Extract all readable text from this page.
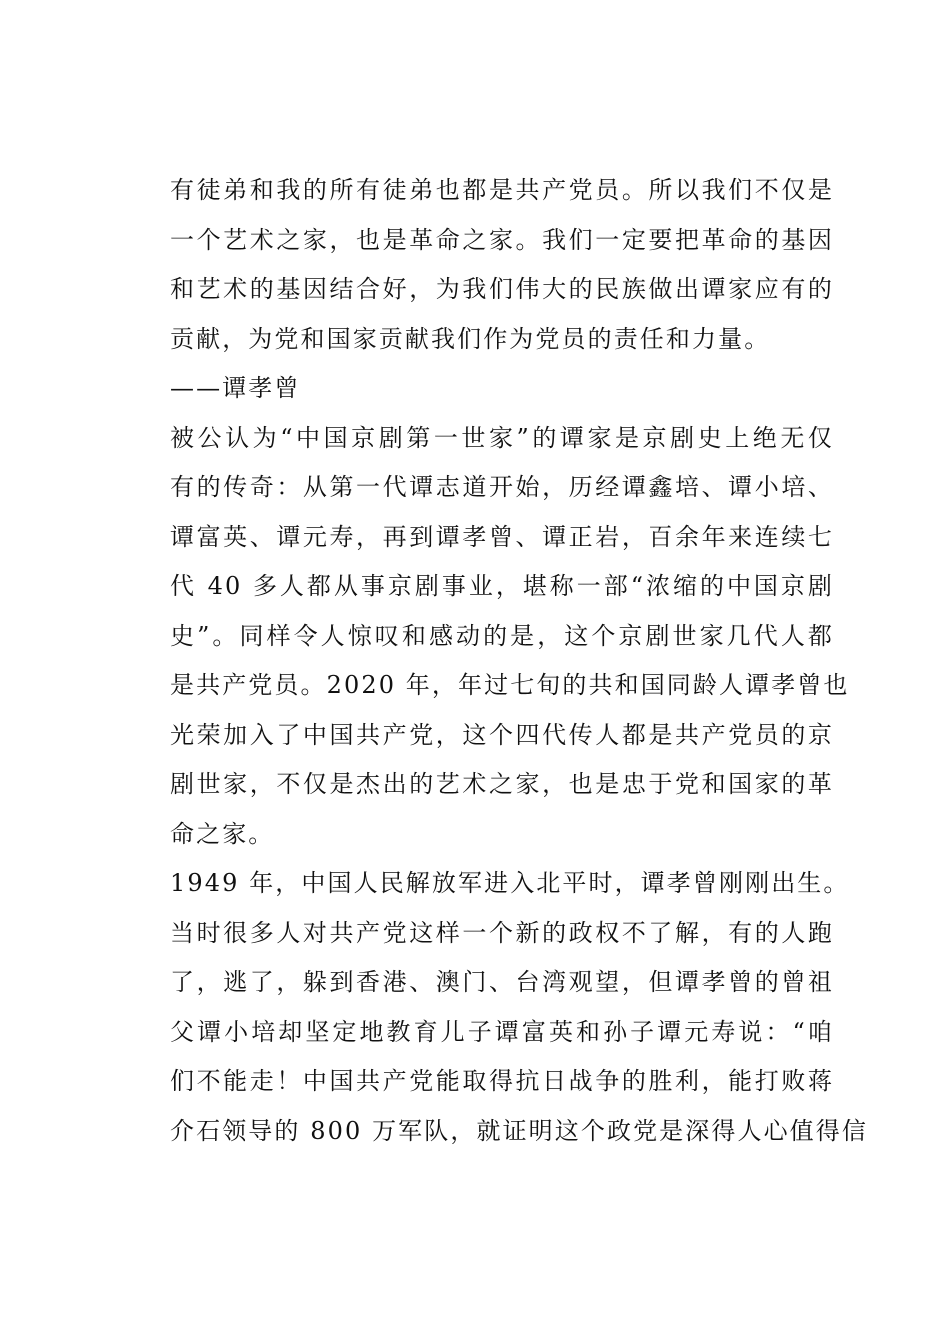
有徒弟和我的所有徒弟也都是共产党员。所以我们不仅是
一个艺术之家，也是革命之家。我们一定要把革命的基因
和艺术的基因结合好，为我们伟大的民族做出谭家应有的
贡献，为党和国家贡献我们作为党员的责任和力量。
——谭孝曾
被公认为“中国京剧第一世家”的谭家是京剧史上绝无仅
有的传奇：从第一代谭志道开始，历经谭鑫培、谭小培、
谭富英、谭元寿，再到谭孝曾、谭正岩，百余年来连续七
代 40 多人都从事京剧事业，堪称一部“浓缩的中国京剧
史”。同样令人惊叹和感动的是，这个京剧世家几代人都
是共产党员。2020 年，年过七旬的共和国同龄人谭孝曾也
光荣加入了中国共产党，这个四代传人都是共产党员的京
剧世家，不仅是杰出的艺术之家，也是忠于党和国家的革
命之家。
1949 年，中国人民解放军进入北平时，谭孝曾刚刚出生。
当时很多人对共产党这样一个新的政权不了解，有的人跑
了，逃了，躲到香港、澳门、台湾观望，但谭孝曾的曾祖
父谭小培却坚定地教育儿子谭富英和孙子谭元寿说：“咱
们不能走！中国共产党能取得抗日战争的胜利，能打败蒋
介石领导的 800 万军队，就证明这个政党是深得人心值得信
